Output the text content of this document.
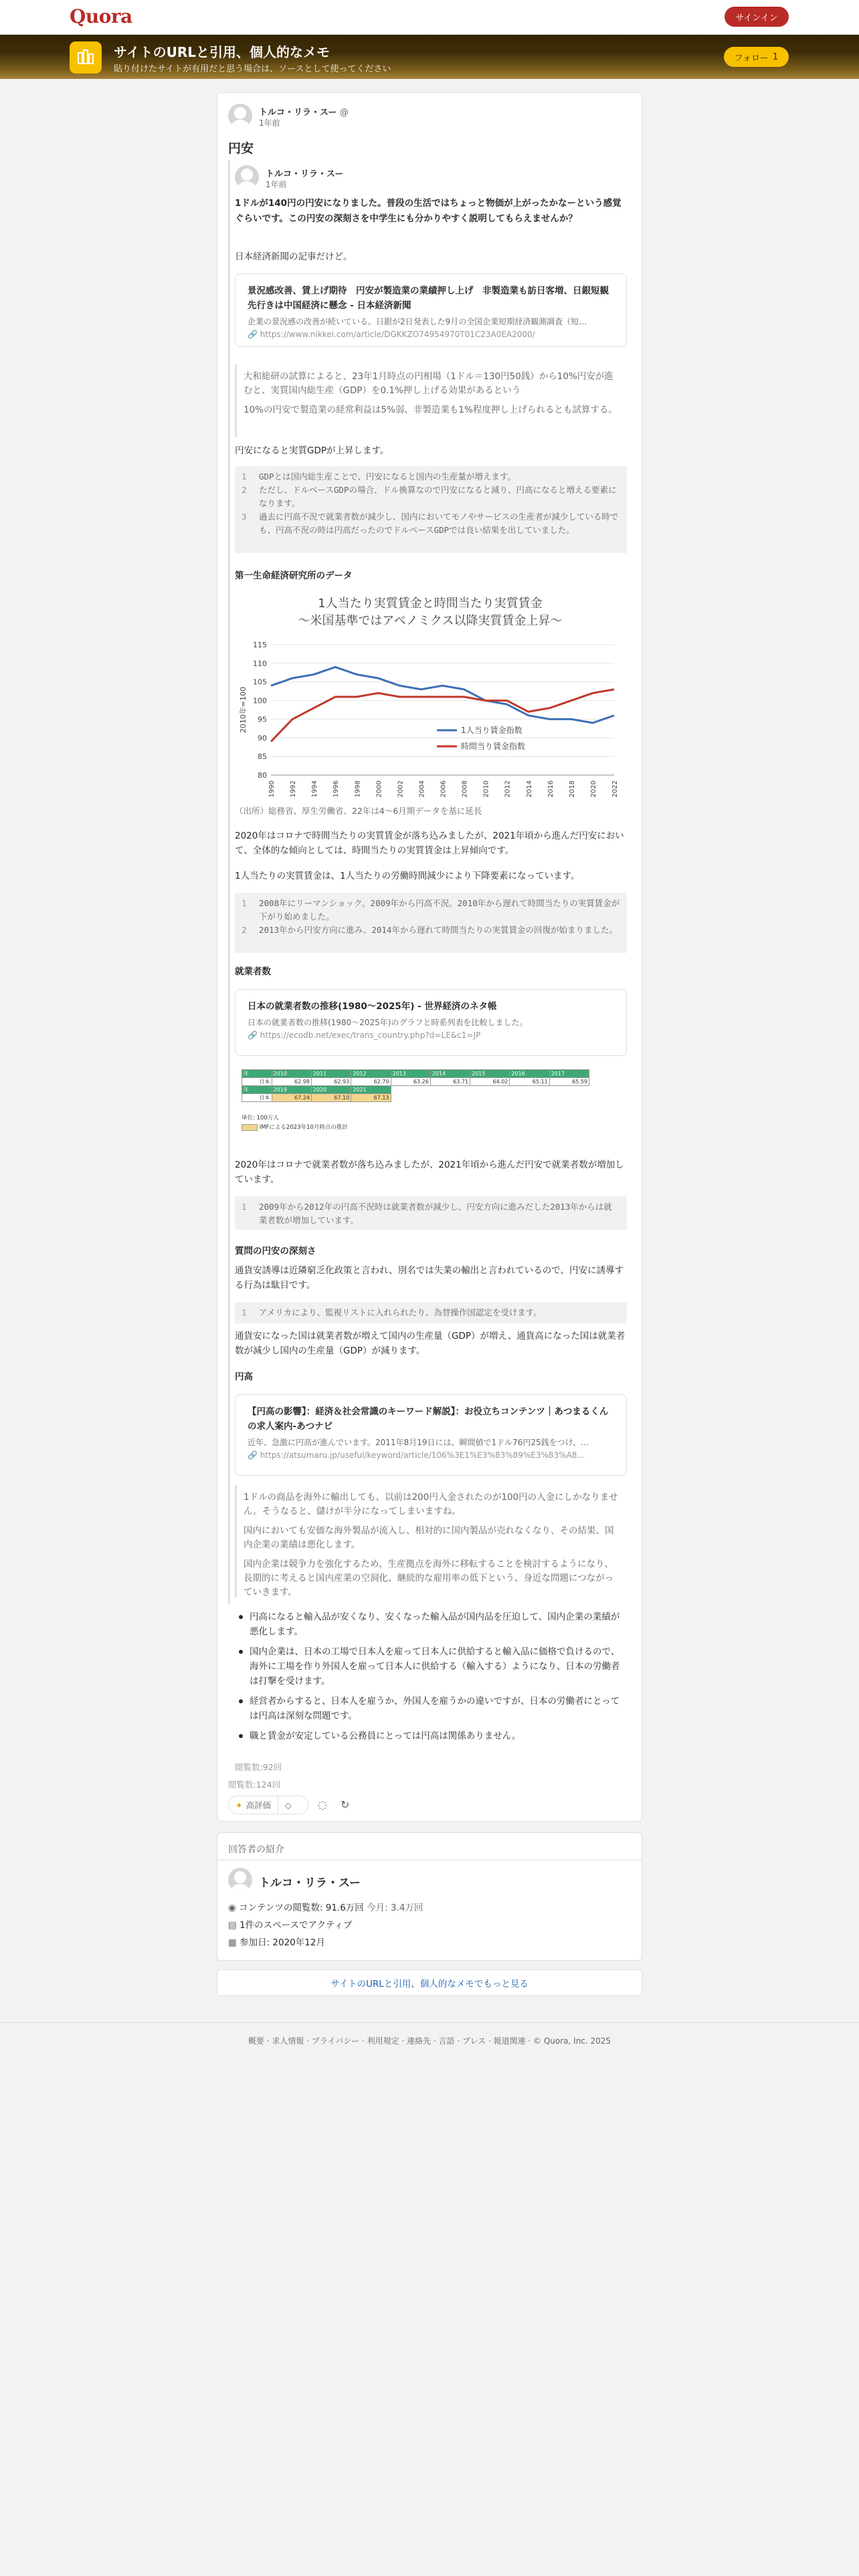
Quora	サインイン
サイトのURLと引用、個人的なメモ
貼り付けたサイトが有用だと思う場合は、ソースとして使ってください
フォロー 1
トルコ・リラ・スー @
1年前
円安
トルコ・リラ・スー
1年前
1ドルが140円の円安になりました。普段の生活ではちょっと物価が上がったかなーという感覚ぐらいです。この円安の深刻さを中学生にも分かりやすく説明してもらえませんか？
日本経済新聞の記事だけど。
景況感改善、賃上げ期待　円安が製造業の業績押し上げ　非製造業も訪日客増、日銀短観　先行きは中国経済に懸念 - 日本経済新聞
企業の景況感の改善が続いている。日銀が2日発表した9月の全国企業短期経済観測調査（短…
🔗 https://www.nikkei.com/article/DGKKZO74954970T01C23A0EA2000/
大和総研の試算によると、23年1月時点の円相場（1ドル＝130円50銭）から10%円安が進むと、実質国内総生産（GDP）を0.1%押し上げる効果があるという
10%の円安で製造業の経常利益は5%弱、非製造業も1%程度押し上げられるとも試算する。
円安になると実質GDPが上昇します。
1	GDPとは国内総生産ことで、円安になると国内の生産量が増えます。
2	ただし、ドルベースGDPの場合、ドル換算なので円安になると減り、円高になると増える要素になります。
3	過去に円高不況で就業者数が減少し、国内においてモノやサービスの生産者が減少している時でも、円高不況の時は円高だったのでドルベースGDPでは良い結果を出していました。
第一生命経済研究所のデータ
1人当たり実質賃金と時間当たり実質賃金
～米国基準ではアベノミクス以降実質賃金上昇～
80
85
90
95
100
105
110
115
2010年=100
1990 1992 1994 1996 1998 2000 2002 2004 2006 2008 2010 2012 2014 2016 2018 2020 2022
1人当り賃金指数
時間当り賃金指数
（出所）総務省、厚生労働省、22年は4～6月期データを基に延長
2020年はコロナで時間当たりの実質賃金が落ち込みましたが、2021年頃から進んだ円安において、全体的な傾向としては、時間当たりの実質賃金は上昇傾向です。
1人当たりの実質賃金は、1人当たりの労働時間減少により下降要素になっています。
1	2008年にリーマンショック。2009年から円高不況。2010年から遅れて時間当たりの実質賃金が下がり始めました。
2	2013年から円安方向に進み、2014年から遅れて時間当たりの実質賃金の回復が始まりました。
就業者数
日本の就業者数の推移(1980～2025年) - 世界経済のネタ帳
日本の就業者数の推移(1980～2025年)のグラフと時系列表を比較しました。
🔗 https://ecodb.net/exec/trans_country.php?d=LE&c1=JP
年	2010	2011	2012	2013	2014	2015	2016	2017
日本	62.98	62.93	62.70	63.26	63.71	64.02	65.11	65.59
年	2019	2020	2021					
日本	67.24	67.10	67.13					
単位: 100万人
IMFによる2023年10月時点の推計
2020年はコロナで就業者数が落ち込みましたが、2021年頃から進んだ円安で就業者数が増加しています。
1	2009年から2012年の円高不況時は就業者数が減少し、円安方向に進みだした2013年からは就業者数が増加しています。
質問の円安の深刻さ
通貨安誘導は近隣窮乏化政策と言われ、別名では失業の輸出と言われているので、円安に誘導する行為は駄目です。
1	アメリカにより、監視リストに入れられたり、為替操作国認定を受けます。
通貨安になった国は就業者数が増えて国内の生産量（GDP）が増え、通貨高になった国は就業者数が減少し国内の生産量（GDP）が減ります。
円高
【円高の影響】：経済＆社会常識のキーワード解説】：お役立ちコンテンツ｜あつまるくんの求人案内-あつナビ
近年、急激に円高が進んでいます。2011年8月19日には、瞬間値で1ドル76円25銭をつけ、…
🔗 https://atsumaru.jp/useful/keyword/article/106%3E1%E3%83%89%E3%83%A8…
1ドルの商品を海外に輸出しても、以前は200円入金されたのが100円の入金にしかなりません。そうなると、儲けが半分になってしまいますね。
国内においても安価な海外製品が流入し、相対的に国内製品が売れなくなり、その結果、国内企業の業績は悪化します。
国内企業は競争力を強化するため、生産拠点を海外に移転することを検討するようになり、長期的に考えると国内産業の空洞化、継続的な雇用率の低下という、身近な問題につながっていきます。
円高になると輸入品が安くなり、安くなった輸入品が国内品を圧迫して、国内企業の業績が悪化します。
国内企業は、日本の工場で日本人を雇って日本人に供給すると輸入品に価格で負けるので、海外に工場を作り外国人を雇って日本人に供給する（輸入する）ようになり、日本の労働者は打撃を受けます。
経営者からすると、日本人を雇うか、外国人を雇うかの違いですが、日本の労働者にとっては円高は深刻な問題です。
職と賃金が安定している公務員にとっては円高は関係ありません。
閲覧数:92回
閲覧数:124回
✦ 高評価	◇	◌ ↻
回答者の紹介
トルコ・リラ・スー
◉ コンテンツの閲覧数: 91.6万回 今月: 3.4万回
▤ 1件のスペースでアクティブ
▦ 参加日: 2020年12月
サイトのURLと引用、個人的なメモでもっと見る
概要 · 求人情報 · プライバシー · 利用規定 · 連絡先 · 言語 · プレス · 報道関連 · © Quora, Inc. 2025
